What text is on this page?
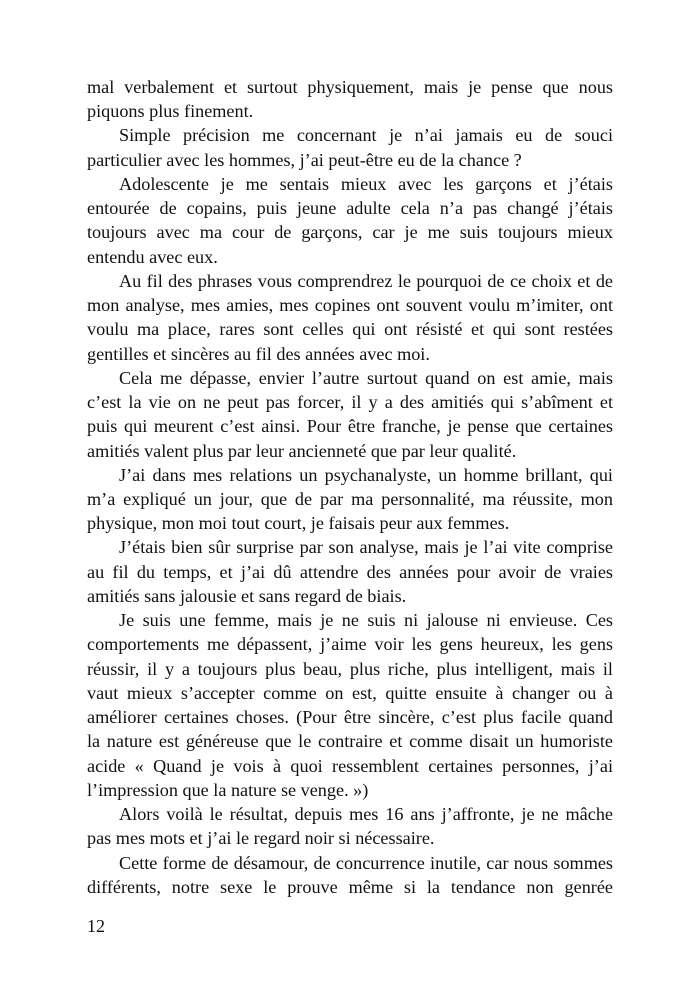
mal verbalement et surtout physiquement, mais je pense que nous
piquons plus finement.
Simple précision me concernant je n’ai jamais eu de souci
particulier avec les hommes, j’ai peut-être eu de la chance ?
Adolescente je me sentais mieux avec les garçons et j’étais
entourée de copains, puis jeune adulte cela n’a pas changé j’étais
toujours avec ma cour de garçons, car je me suis toujours mieux
entendu avec eux.
Au fil des phrases vous comprendrez le pourquoi de ce choix et de
mon analyse, mes amies, mes copines ont souvent voulu m’imiter, ont
voulu ma place, rares sont celles qui ont résisté et qui sont restées
gentilles et sincères au fil des années avec moi.
Cela me dépasse, envier l’autre surtout quand on est amie, mais
c’est la vie on ne peut pas forcer, il y a des amitiés qui s’abîment et
puis qui meurent c’est ainsi. Pour être franche, je pense que certaines
amitiés valent plus par leur ancienneté que par leur qualité.
J’ai dans mes relations un psychanalyste, un homme brillant, qui
m’a expliqué un jour, que de par ma personnalité, ma réussite, mon
physique, mon moi tout court, je faisais peur aux femmes.
J’étais bien sûr surprise par son analyse, mais je l’ai vite comprise
au fil du temps, et j’ai dû attendre des années pour avoir de vraies
amitiés sans jalousie et sans regard de biais.
Je suis une femme, mais je ne suis ni jalouse ni envieuse. Ces
comportements me dépassent, j’aime voir les gens heureux, les gens
réussir, il y a toujours plus beau, plus riche, plus intelligent, mais il
vaut mieux s’accepter comme on est, quitte ensuite à changer ou à
améliorer certaines choses. (Pour être sincère, c’est plus facile quand
la nature est généreuse que le contraire et comme disait un humoriste
acide « Quand je vois à quoi ressemblent certaines personnes, j’ai
l’impression que la nature se venge. »)
Alors voilà le résultat, depuis mes 16 ans j’affronte, je ne mâche
pas mes mots et j’ai le regard noir si nécessaire.
Cette forme de désamour, de concurrence inutile, car nous sommes
différents, notre sexe le prouve même si la tendance non genrée
12
